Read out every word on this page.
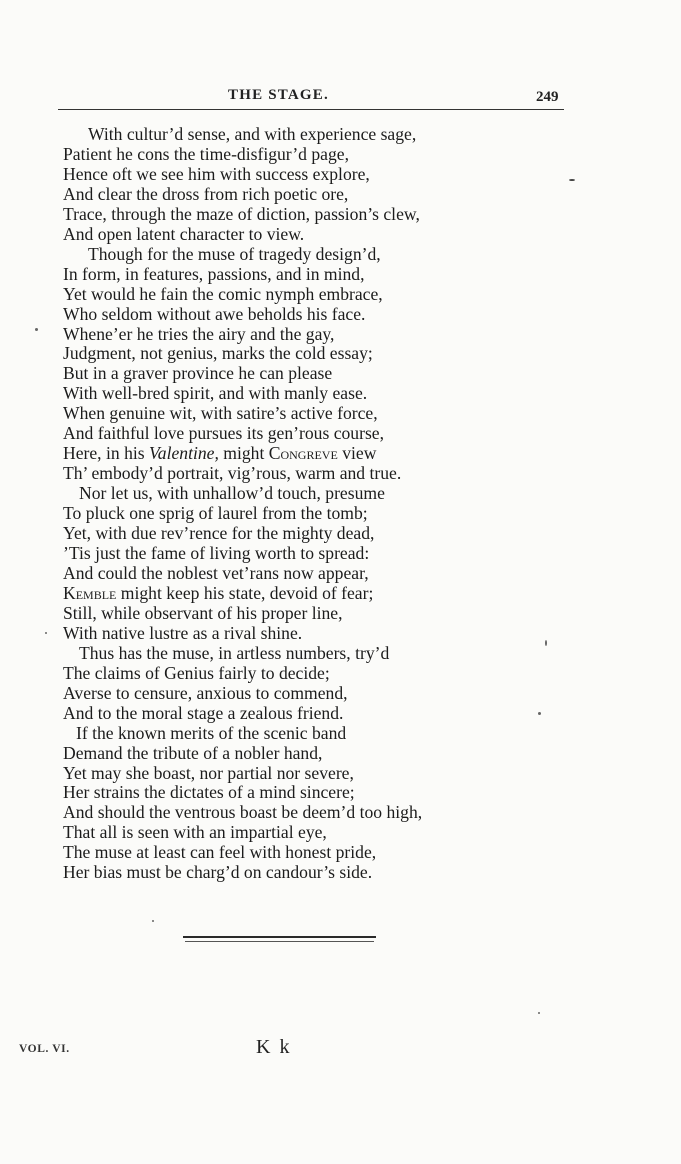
THE STAGE.	249
With cultur’d sense, and with experience sage,
Patient he cons the time-disfigur’d page,
Hence oft we see him with success explore,
And clear the dross from rich poetic ore,
Trace, through the maze of diction, passion’s clew,
And open latent character to view.
Though for the muse of tragedy design’d,
In form, in features, passions, and in mind,
Yet would he fain the comic nymph embrace,
Who seldom without awe beholds his face.
Whene’er he tries the airy and the gay,
Judgment, not genius, marks the cold essay;
But in a graver province he can please
With well-bred spirit, and with manly ease.
When genuine wit, with satire’s active force,
And faithful love pursues its gen’rous course,
Here, in his Valentine, might Congreve view
Th’ embody’d portrait, vig’rous, warm and true.
Nor let us, with unhallow’d touch, presume
To pluck one sprig of laurel from the tomb;
Yet, with due rev’rence for the mighty dead,
’Tis just the fame of living worth to spread:
And could the noblest vet’rans now appear,
Kemble might keep his state, devoid of fear;
Still, while observant of his proper line,
With native lustre as a rival shine.
Thus has the muse, in artless numbers, try’d
The claims of Genius fairly to decide;
Averse to censure, anxious to commend,
And to the moral stage a zealous friend.
If the known merits of the scenic band
Demand the tribute of a nobler hand,
Yet may she boast, nor partial nor severe,
Her strains the dictates of a mind sincere;
And should the ventrous boast be deem’d too high,
That all is seen with an impartial eye,
The muse at least can feel with honest pride,
Her bias must be charg’d on candour’s side.
VOL. VI.	K k
